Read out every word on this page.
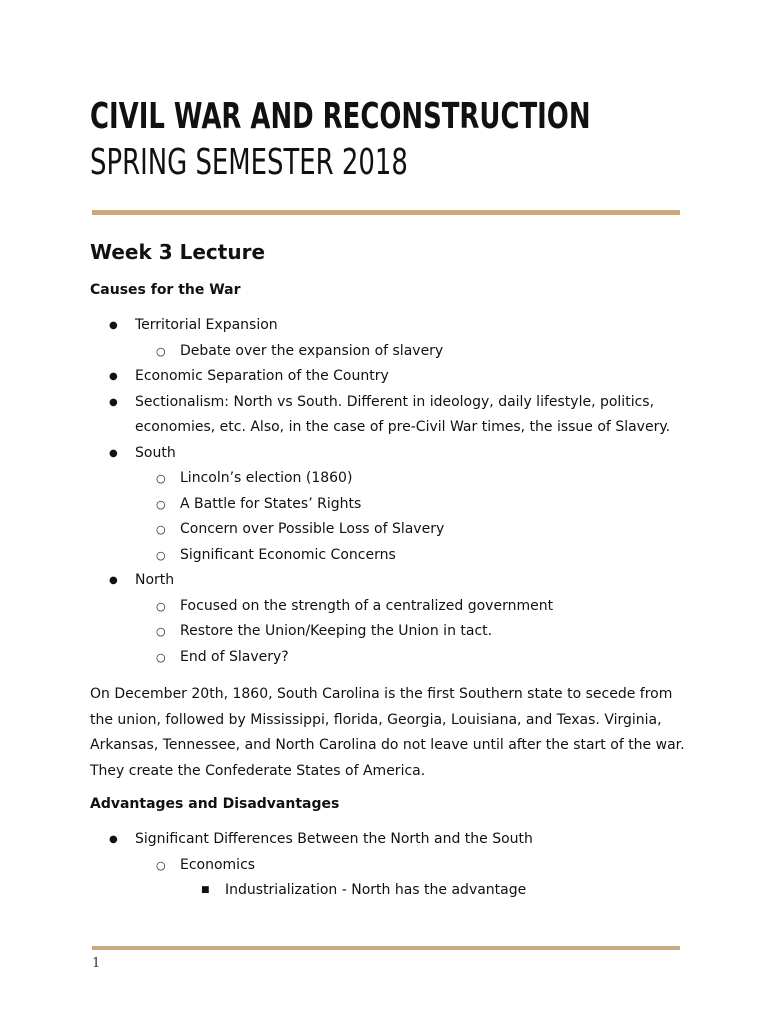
CIVIL WAR AND RECONSTRUCTION
SPRING SEMESTER 2018
Week 3 Lecture
Causes for the War
● Territorial Expansion
○ Debate over the expansion of slavery
● Economic Separation of the Country
● Sectionalism: North vs South. Different in ideology, daily lifestyle, politics, economies, etc. Also, in the case of pre-Civil War times, the issue of Slavery.
● South
○ Lincoln’s election (1860)
○ A Battle for States’ Rights
○ Concern over Possible Loss of Slavery
○ Significant Economic Concerns
● North
○ Focused on the strength of a centralized government
○ Restore the Union/Keeping the Union in tact.
○ End of Slavery?

On December 20th, 1860, South Carolina is the first Southern state to secede from the union, followed by Mississippi, florida, Georgia, Louisiana, and Texas. Virginia, Arkansas, Tennessee, and North Carolina do not leave until after the start of the war. They create the Confederate States of America.

Advantages and Disadvantages
● Significant Differences Between the North and the South
○ Economics
■ Industrialization - North has the advantage
1
